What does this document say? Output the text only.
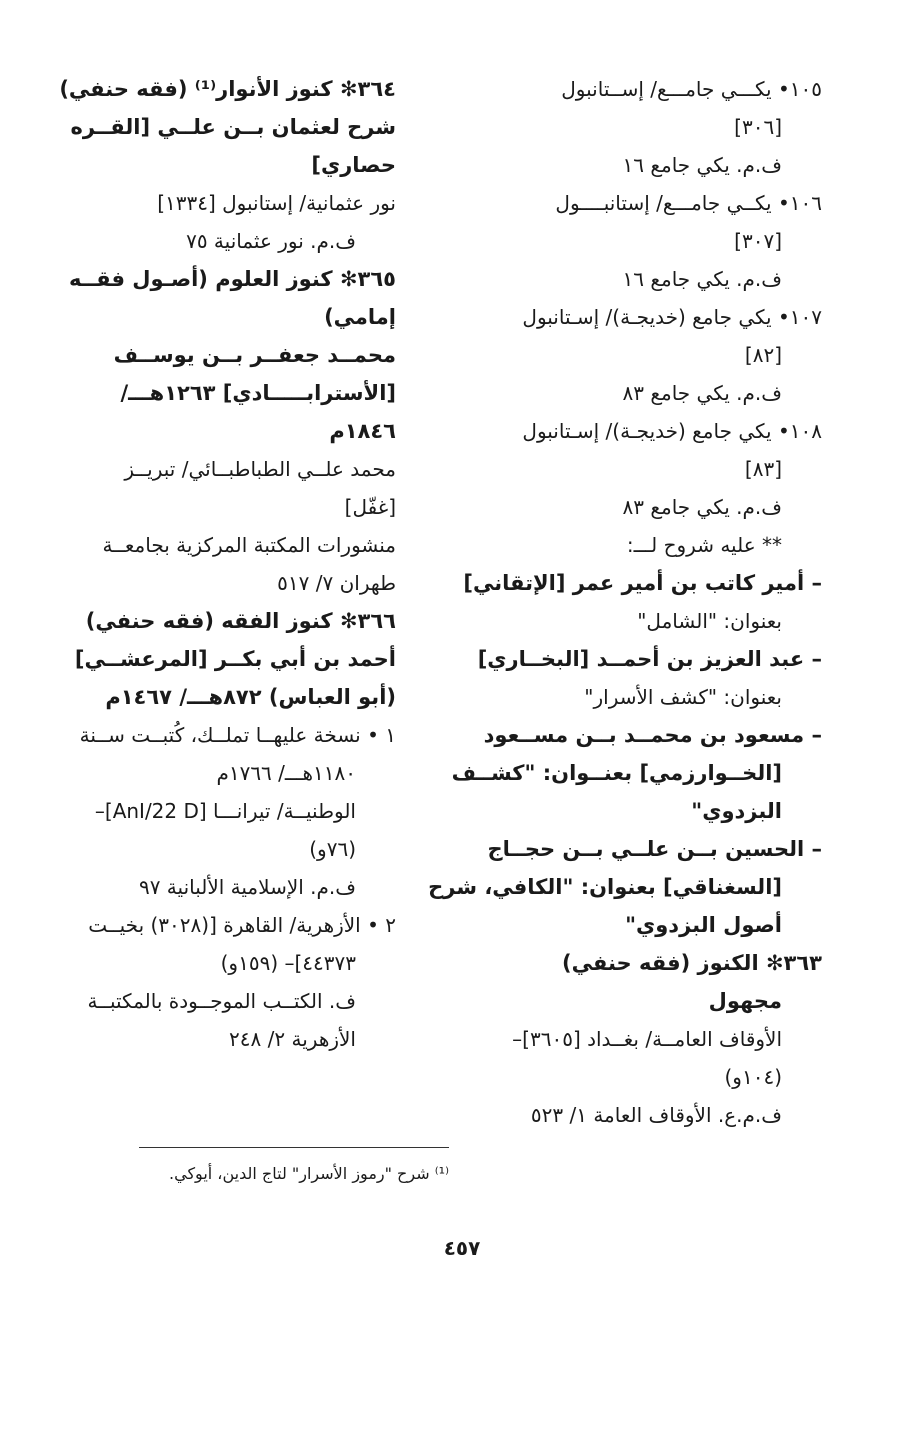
١٠٥• يكـــي جامـــع/ إســتانبول
[٣٠٦]
ف.م. يكي جامع ١٦
١٠٦• يكــي جامـــع/ إستانبــــول
[٣٠٧]
ف.م. يكي جامع ١٦
١٠٧• يكي جامع (خديجـة)/ إسـتانبول
[٨٢]
ف.م. يكي جامع ٨٣
١٠٨• يكي جامع (خديجـة)/ إسـتانبول
[٨٣]
ف.م. يكي جامع ٨٣
** عليه شروح لـــ:
– أمير كاتب بن أمير عمر [الإتقاني]
بعنوان: "الشامل"
– عبد العزيز بن أحمــد [البخــاري]
بعنوان: "كشف الأسرار"
– مسعود بن محمــد بــن مســعود
[الخــوارزمي] بعنــوان: "كشــف
البزدوي"
– الحسين بــن علــي بــن حجــاج
[السغناقي] بعنوان: "الكافي، شرح
أصول البزدوي"
٣٦٣✻ الكنوز (فقه حنفي)
مجهول
الأوقاف العامــة/ بغــداد [٣٦٠٥]–
(١٠٤و)
ف.م.ع. الأوقاف العامة ١/ ٥٢٣
٣٦٤✻ كنوز الأنوار⁽¹⁾ (فقه حنفي)
شرح لعثمان بــن علــي [القــره
حصاري]
نور عثمانية/ إستانبول [١٣٣٤]
ف.م. نور عثمانية ٧٥
٣٦٥✻ كنوز العلوم (أصـول فقــه
إمامي)
محمــد جعفــر بــن يوســف
[الأسترابـــــادي] ١٢٦٣هـــ/
١٨٤٦م
محمد علــي الطباطبــائي/ تبريــز
[غفّل]
منشورات المكتبة المركزية بجامعــة
طهران ٧/ ٥١٧
٣٦٦✻ كنوز الفقه (فقه حنفي)
أحمد بن أبي بكــر [المرعشــي]
(أبو العباس) ٨٧٢هـــ/ ١٤٦٧م
١ • نسخة عليهــا تملــك، كُتبــت ســنة
١١٨٠هـــ/ ١٧٦٦م
الوطنيــة/ تيرانـــا [AnI/22 D]–
(٧٦و)
ف.م. الإسلامية الألبانية ٩٧
٢ • الأزهرية/ القاهرة [(٣٠٢٨) بخيــت
٤٤٣٧٣]– (١٥٩و)
ف. الكتــب الموجــودة بالمكتبــة
الأزهرية ٢/ ٢٤٨
⁽¹⁾ شرح "رموز الأسرار" لتاج الدين، أيوكي.
٤٥٧
